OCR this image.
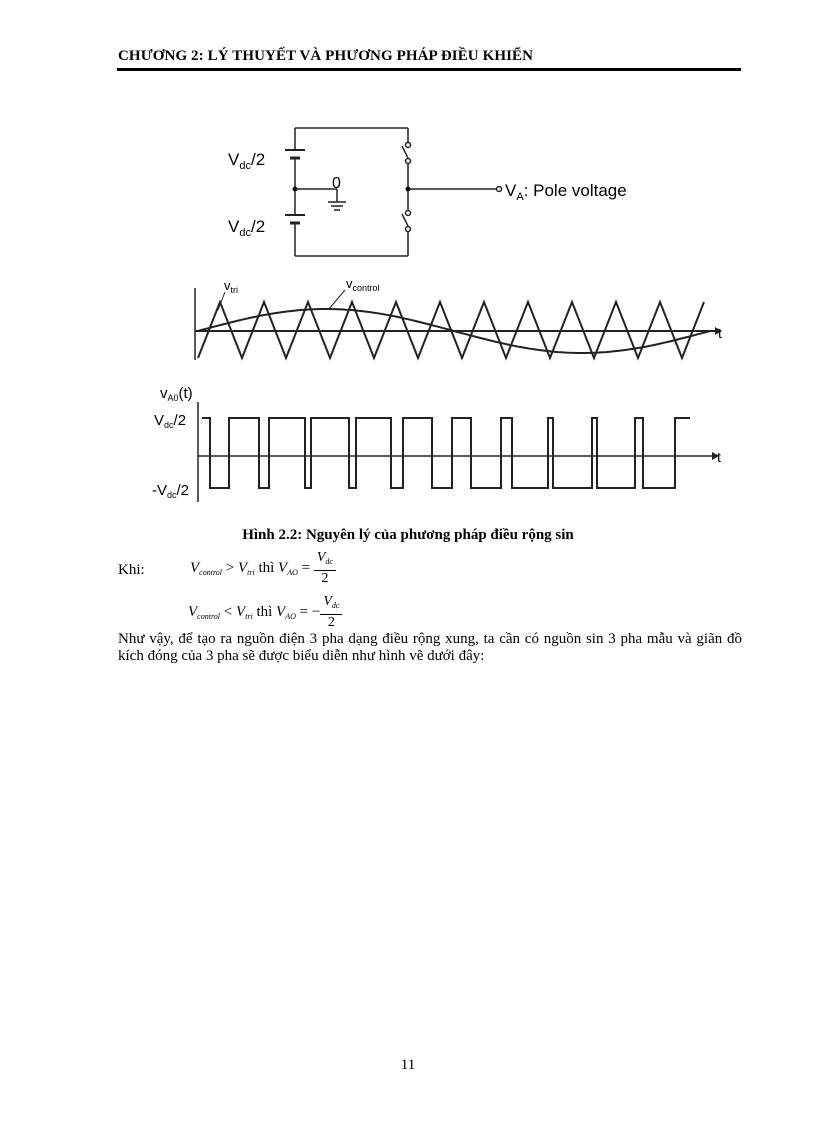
CHƯƠNG 2: LÝ THUYẾT VÀ PHƯƠNG PHÁP ĐIỀU KHIỂN
$V_{dc}/2$
$V_{dc}/2$
0	$V_A$: Pole voltage
$v_{tri}$	$v_{control}$
t
$v_{A0}(t)$
$V_{dc}/2$
$-V_{dc}/2$
t
Hình 2.2: Nguyên lý của phương pháp điều rộng sin
Khi:	$V_{control} > V_{tri}$ thì $V_{AO} = \frac{V_{dc}}{2}$
$V_{control} < V_{tri}$ thì $V_{AO}$ = − $\frac{V_{dc}}{2}$
Như vậy, để tạo ra nguồn điện 3 pha dạng điều rộng xung, ta cần có nguồn sin 3 pha mẫu và giãn đồ kích đóng của 3 pha sẽ được biểu diễn như hình vẽ dưới đây:
11
